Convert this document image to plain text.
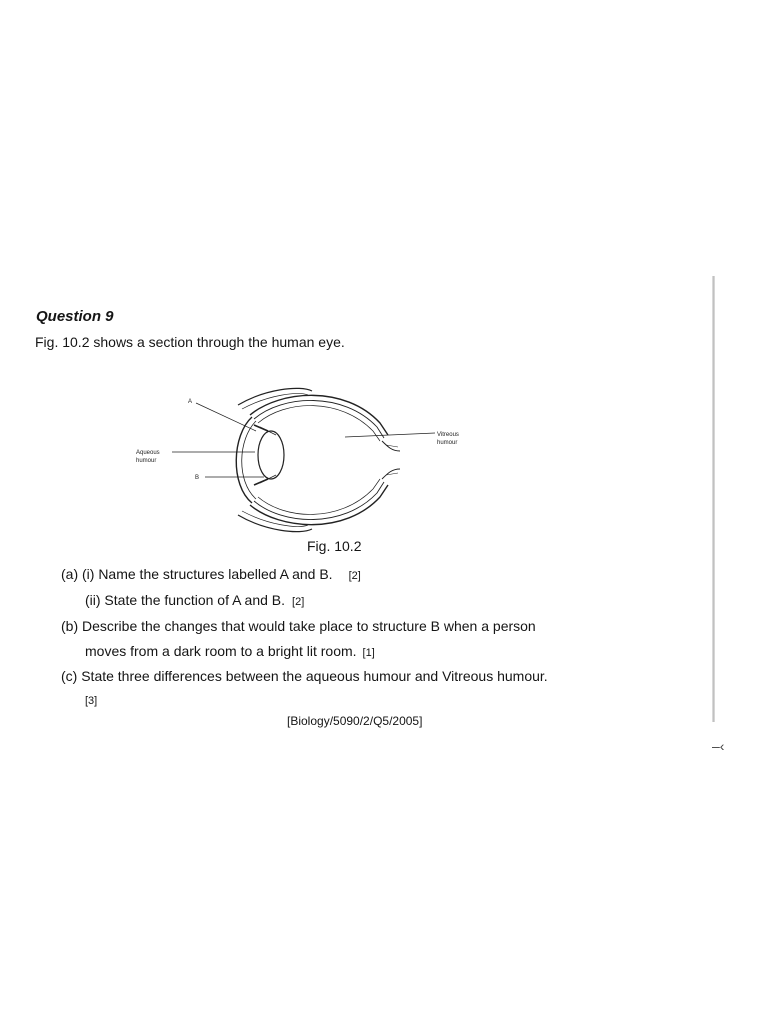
Question 9
Fig. 10.2 shows a section through the human eye.
A
Aqueous
humour
B
Vitreous
humour
Fig. 10.2
(a) (i) Name the structures labelled A and B. [2]
(ii) State the function of A and B. [2]
(b) Describe the changes that would take place to structure B when a person
moves from a dark room to a bright lit room. [1]
(c) State three differences between the aqueous humour and Vitreous humour.
[3]
[Biology/5090/2/Q5/2005]
–‹
